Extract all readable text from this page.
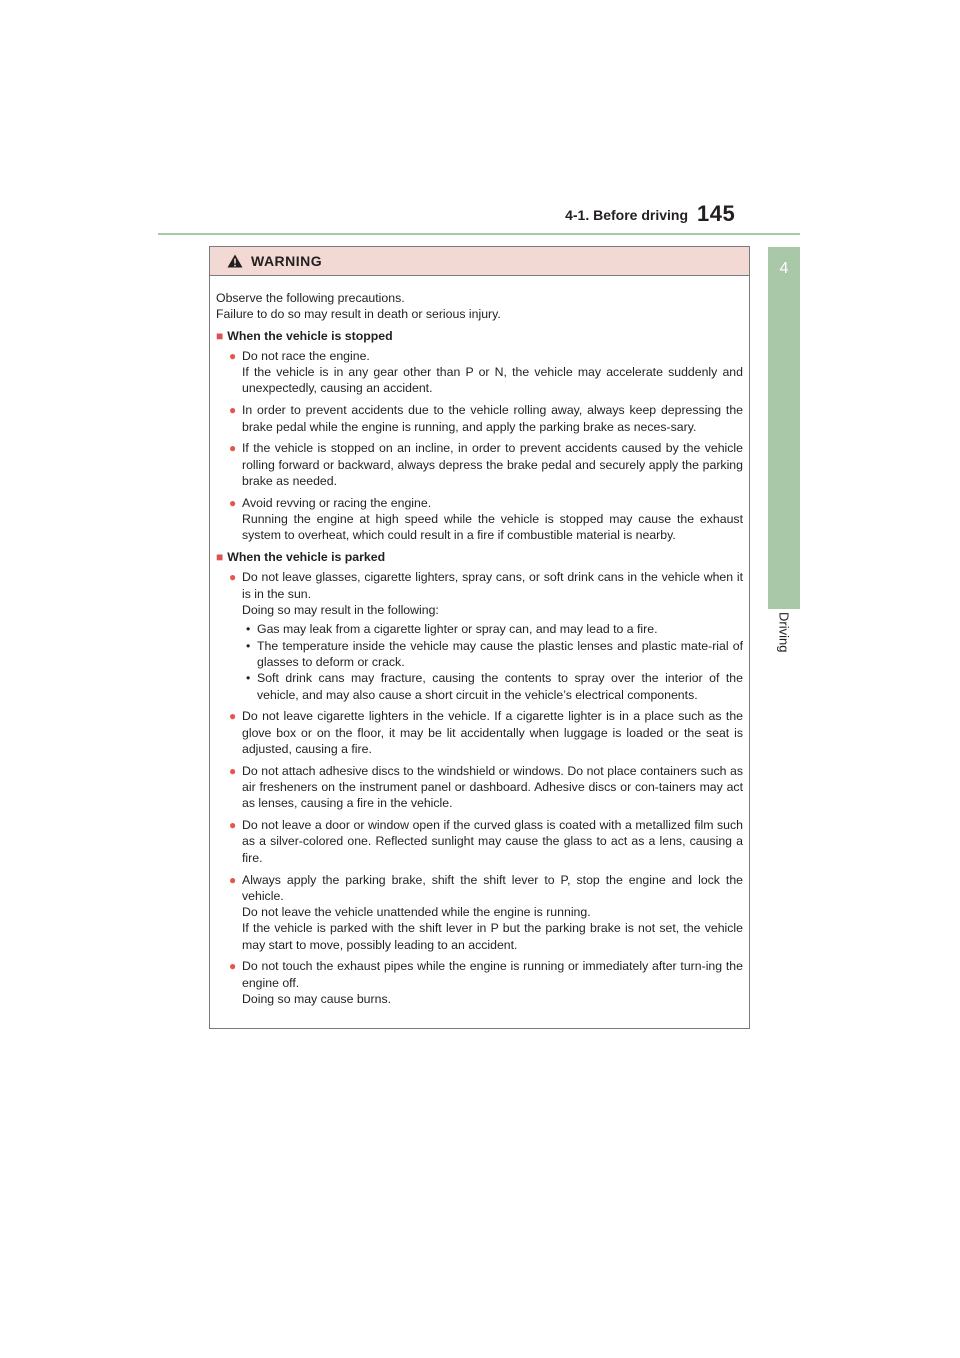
4-1. Before driving 145
4
Driving
WARNING

Observe the following precautions.

Failure to do so may result in death or serious injury.

■ When the vehicle is stopped
● Do not race the engine.

If the vehicle is in any gear other than P or N, the vehicle may accelerate suddenly and unexpectedly, causing an accident.

● In order to prevent accidents due to the vehicle rolling away, always keep depressing the brake pedal while the engine is running, and apply the parking brake as neces-sary.

● If the vehicle is stopped on an incline, in order to prevent accidents caused by the vehicle rolling forward or backward, always depress the brake pedal and securely apply the parking brake as needed.

● Avoid revving or racing the engine.

Running the engine at high speed while the vehicle is stopped may cause the exhaust system to overheat, which could result in a fire if combustible material is nearby.

■ When the vehicle is parked
● Do not leave glasses, cigarette lighters, spray cans, or soft drink cans in the vehicle when it is in the sun.

Doing so may result in the following:

• Gas may leak from a cigarette lighter or spray can, and may lead to a fire.

• The temperature inside the vehicle may cause the plastic lenses and plastic mate-rial of glasses to deform or crack.

• Soft drink cans may fracture, causing the contents to spray over the interior of the vehicle, and may also cause a short circuit in the vehicle’s electrical components.

● Do not leave cigarette lighters in the vehicle. If a cigarette lighter is in a place such as the glove box or on the floor, it may be lit accidentally when luggage is loaded or the seat is adjusted, causing a fire.

● Do not attach adhesive discs to the windshield or windows. Do not place containers such as air fresheners on the instrument panel or dashboard. Adhesive discs or con-tainers may act as lenses, causing a fire in the vehicle.

● Do not leave a door or window open if the curved glass is coated with a metallized film such as a silver-colored one. Reflected sunlight may cause the glass to act as a lens, causing a fire.

● Always apply the parking brake, shift the shift lever to P, stop the engine and lock the vehicle.

Do not leave the vehicle unattended while the engine is running.

If the vehicle is parked with the shift lever in P but the parking brake is not set, the vehicle may start to move, possibly leading to an accident.

● Do not touch the exhaust pipes while the engine is running or immediately after turn-ing the engine off.

Doing so may cause burns.
